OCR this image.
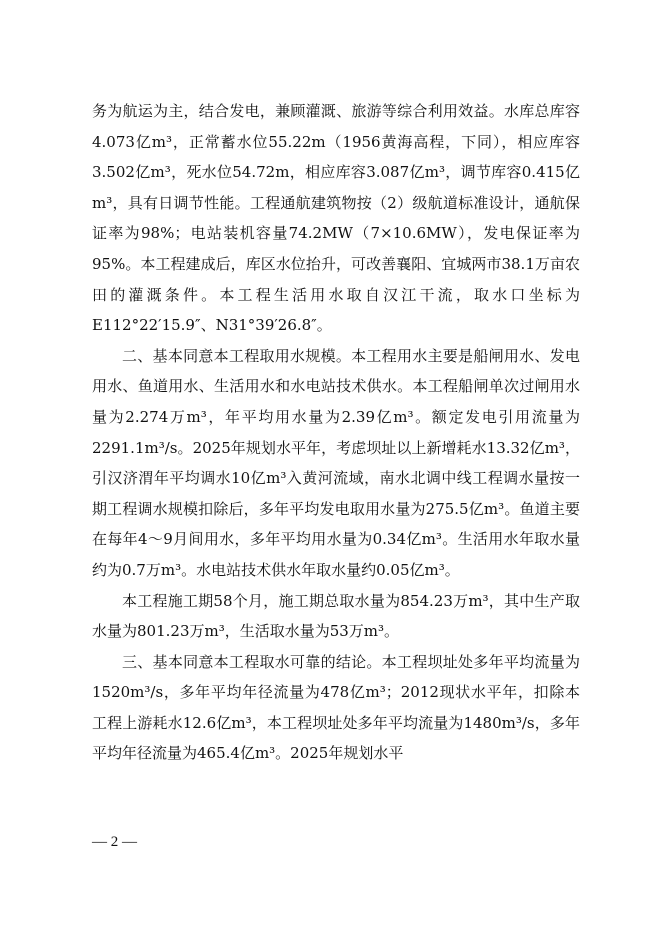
务为航运为主，结合发电，兼顾灌溉、旅游等综合利用效益。水库总库容4.073亿m³，正常蓄水位55.22m（1956黄海高程，下同），相应库容3.502亿m³，死水位54.72m，相应库容3.087亿m³，调节库容0.415亿m³，具有日调节性能。工程通航建筑物按（2）级航道标准设计，通航保证率为98%；电站装机容量74.2MW（7×10.6MW），发电保证率为95%。本工程建成后，库区水位抬升，可改善襄阳、宜城两市38.1万亩农田的灌溉条件。本工程生活用水取自汉江干流，取水口坐标为E112°22′15.9″、N31°39′26.8″。

二、基本同意本工程取用水规模。本工程用水主要是船闸用水、发电用水、鱼道用水、生活用水和水电站技术供水。本工程船闸单次过闸用水量为2.274万m³，年平均用水量为2.39亿m³。额定发电引用流量为2291.1m³/s。2025年规划水平年，考虑坝址以上新增耗水13.32亿m³，引汉济渭年平均调水10亿m³入黄河流域，南水北调中线工程调水量按一期工程调水规模扣除后，多年平均发电取用水量为275.5亿m³。鱼道主要在每年4～9月间用水，多年平均用水量为0.34亿m³。生活用水年取水量约为0.7万m³。水电站技术供水年取水量约0.05亿m³。

本工程施工期58个月，施工期总取水量为854.23万m³，其中生产取水量为801.23万m³，生活取水量为53万m³。

三、基本同意本工程取水可靠的结论。本工程坝址处多年平均流量为1520m³/s，多年平均年径流量为478亿m³；2012现状水平年，扣除本工程上游耗水12.6亿m³，本工程坝址处多年平均流量为1480m³/s，多年平均年径流量为465.4亿m³。2025年规划水平

— 2 —
